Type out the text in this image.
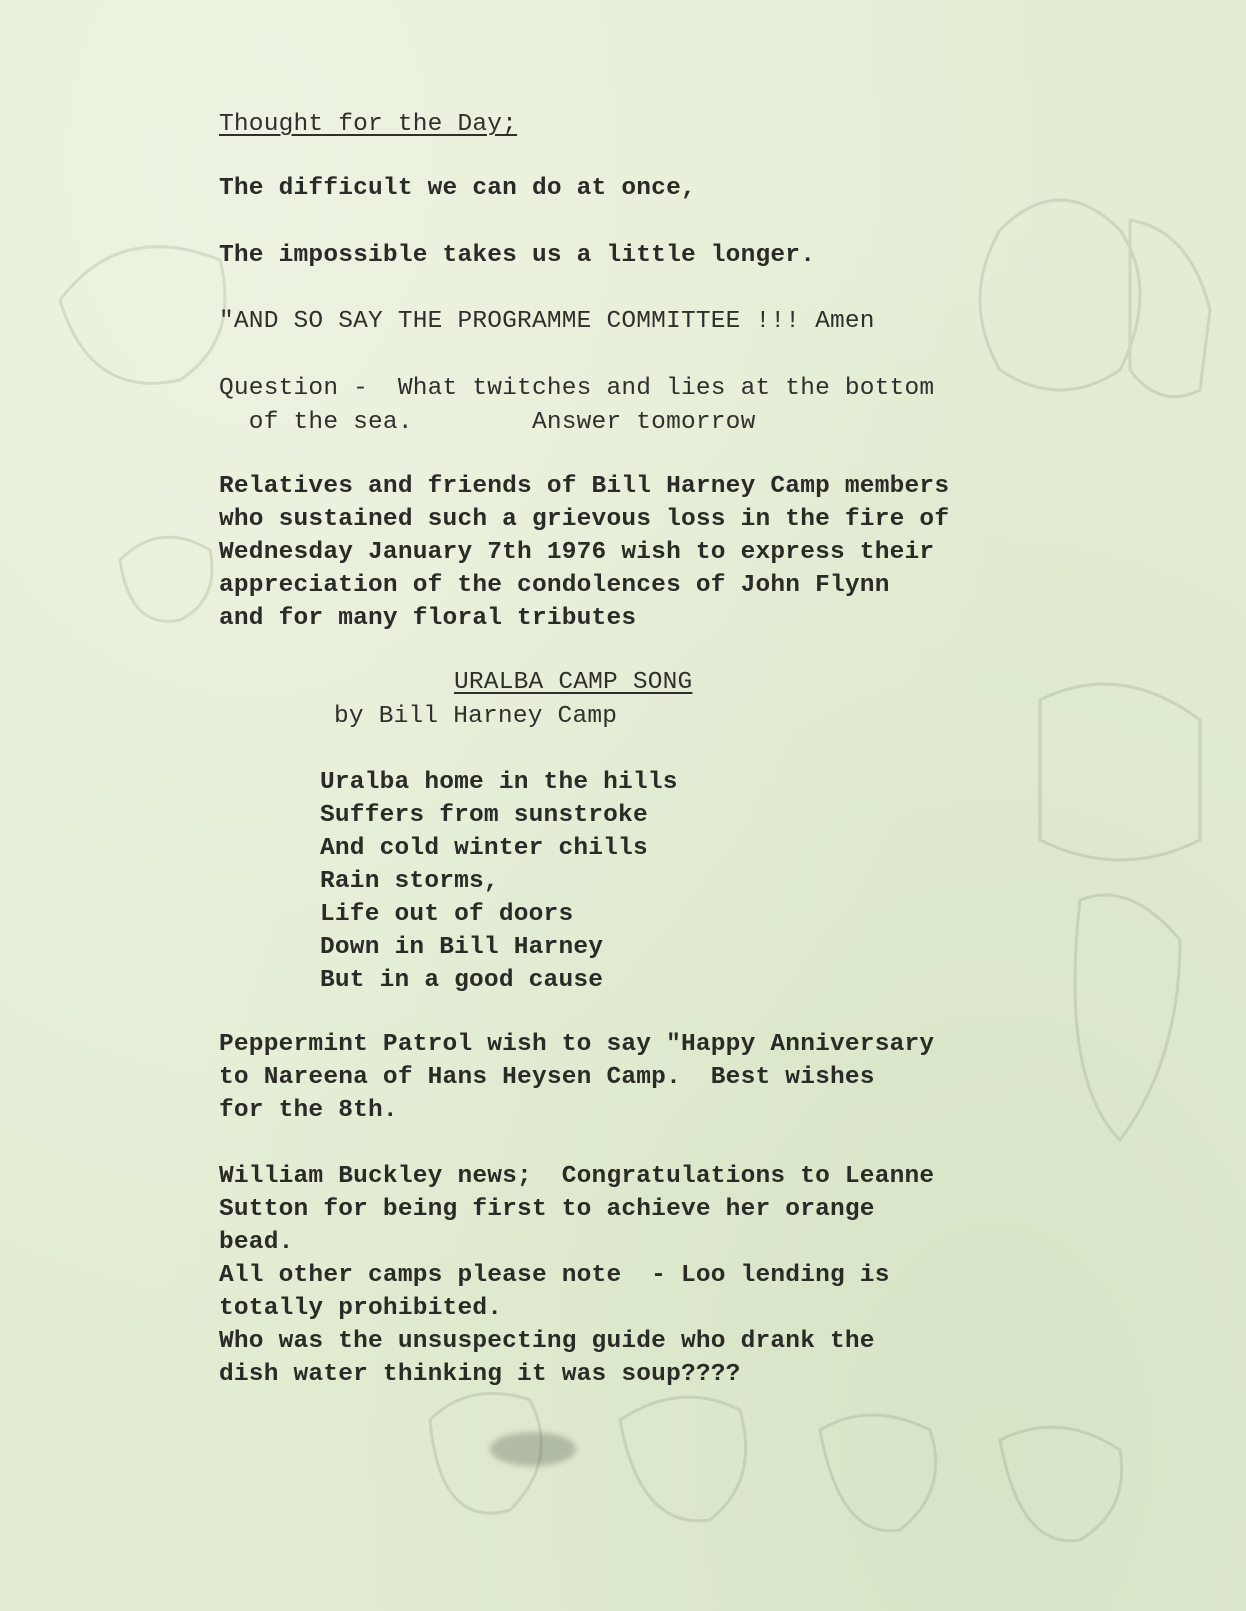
Thought for the Day;

The difficult we can do at once,

The impossible takes us a little longer.

"AND SO SAY THE PROGRAMME COMMITTEE !!! Amen

Question -  What twitches and lies at the bottom

of the sea.        Answer tomorrow

Relatives and friends of Bill Harney Camp members

who sustained such a grievous loss in the fire of

Wednesday January 7th 1976 wish to express their

appreciation of the condolences of John Flynn

and for many floral tributes

URALBA CAMP SONG

by Bill Harney Camp

Uralba home in the hills

Suffers from sunstroke

And cold winter chills

Rain storms,

Life out of doors

Down in Bill Harney

But in a good cause

Peppermint Patrol wish to say "Happy Anniversary

to Nareena of Hans Heysen Camp.  Best wishes

for the 8th.

William Buckley news;  Congratulations to Leanne

Sutton for being first to achieve her orange

bead.

All other camps please note  - Loo lending is

totally prohibited.

Who was the unsuspecting guide who drank the

dish water thinking it was soup????
